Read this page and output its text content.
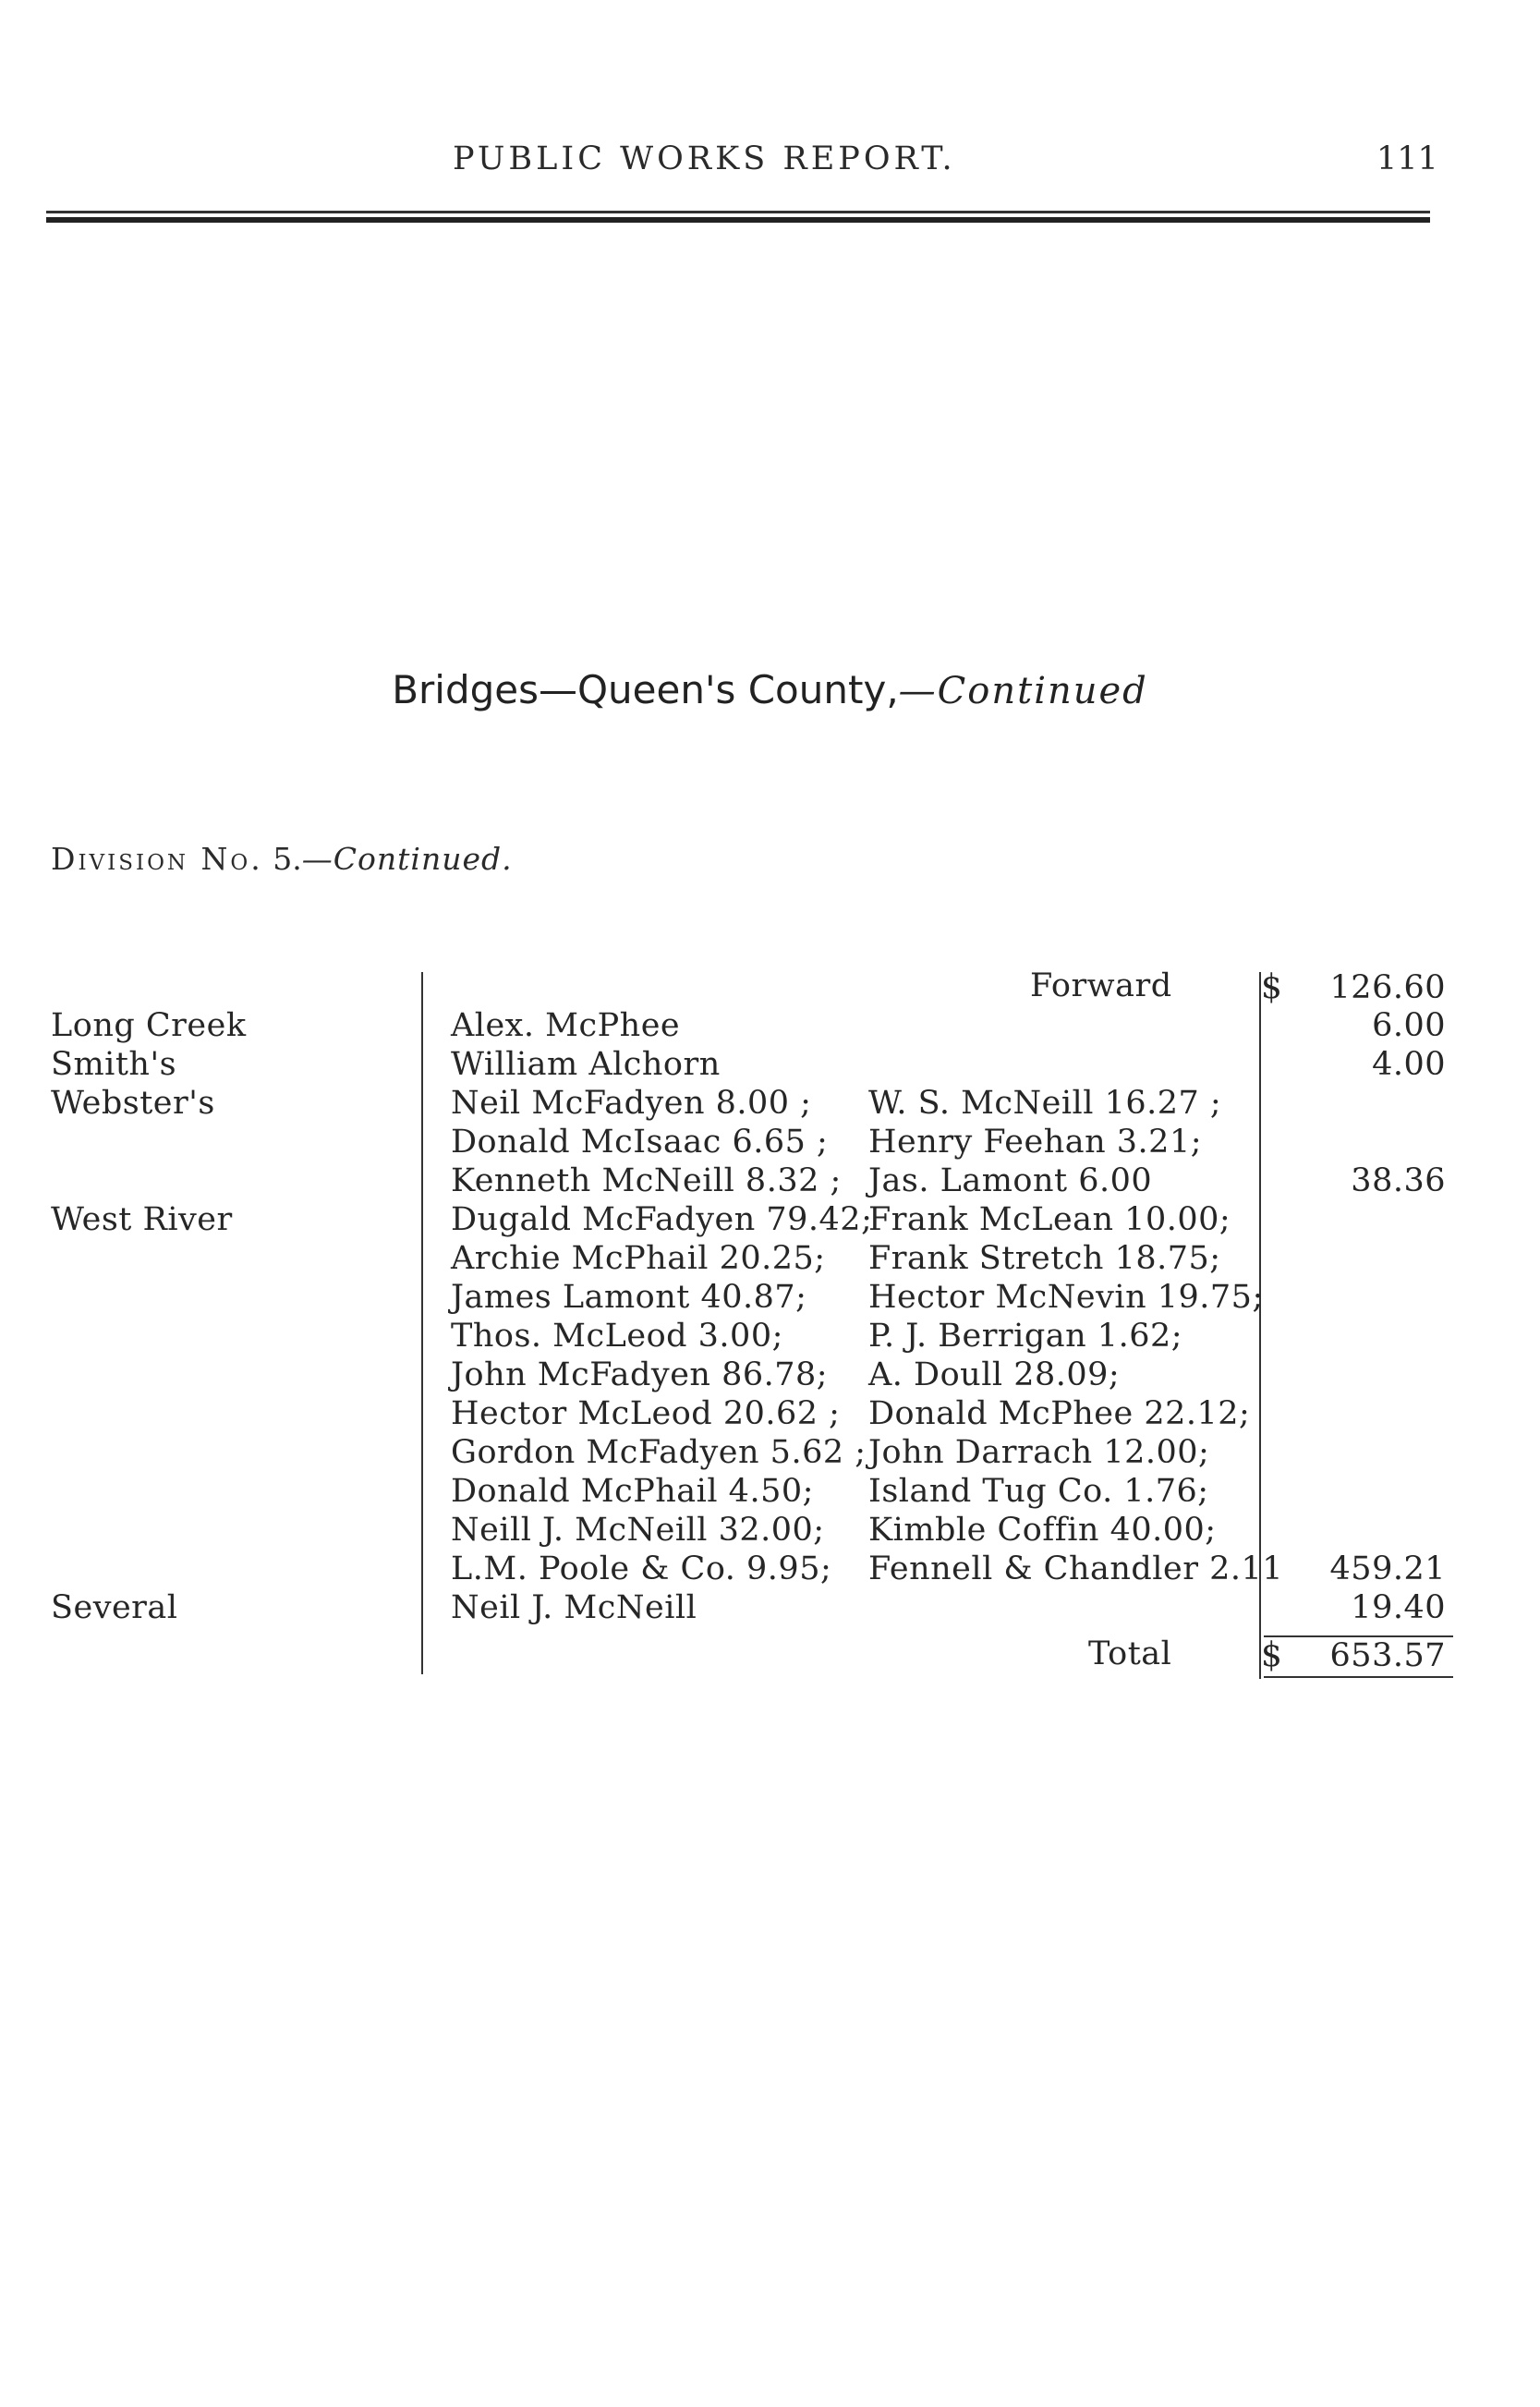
PUBLIC WORKS REPORT.	111
Bridges—Queen's County,—Continued
Division No. 5.—Continued.
Forward	$	126.60
Long Creek	Alex. McPhee	6.00
Smith's	William Alchorn	4.00
Webster's	Neil McFadyen 8.00 ; W. S. McNeill 16.27 ;
Donald McIsaac 6.65 ; Henry Feehan 3.21;
Kenneth McNeill 8.32 ; Jas. Lamont 6.00	38.36
West River	Dugald McFadyen 79.42;Frank McLean 10.00;
Archie McPhail 20.25; Frank Stretch 18.75;
James Lamont 40.87; Hector McNevin 19.75;
Thos. McLeod 3.00;	P. J. Berrigan 1.62;
John McFadyen 86.78; A. Doull 28.09;
Hector McLeod 20.62 ; Donald McPhee 22.12;
Gordon McFadyen 5.62 ;John Darrach 12.00;
Donald McPhail 4.50; Island Tug Co. 1.76;
Neill J. McNeill 32.00; Kimble Coffin 40.00;
L.M. Poole & Co. 9.95; Fennell & Chandler 2.11	459.21
Several	Neil J. McNeill	19.40
Total	$	653.57
